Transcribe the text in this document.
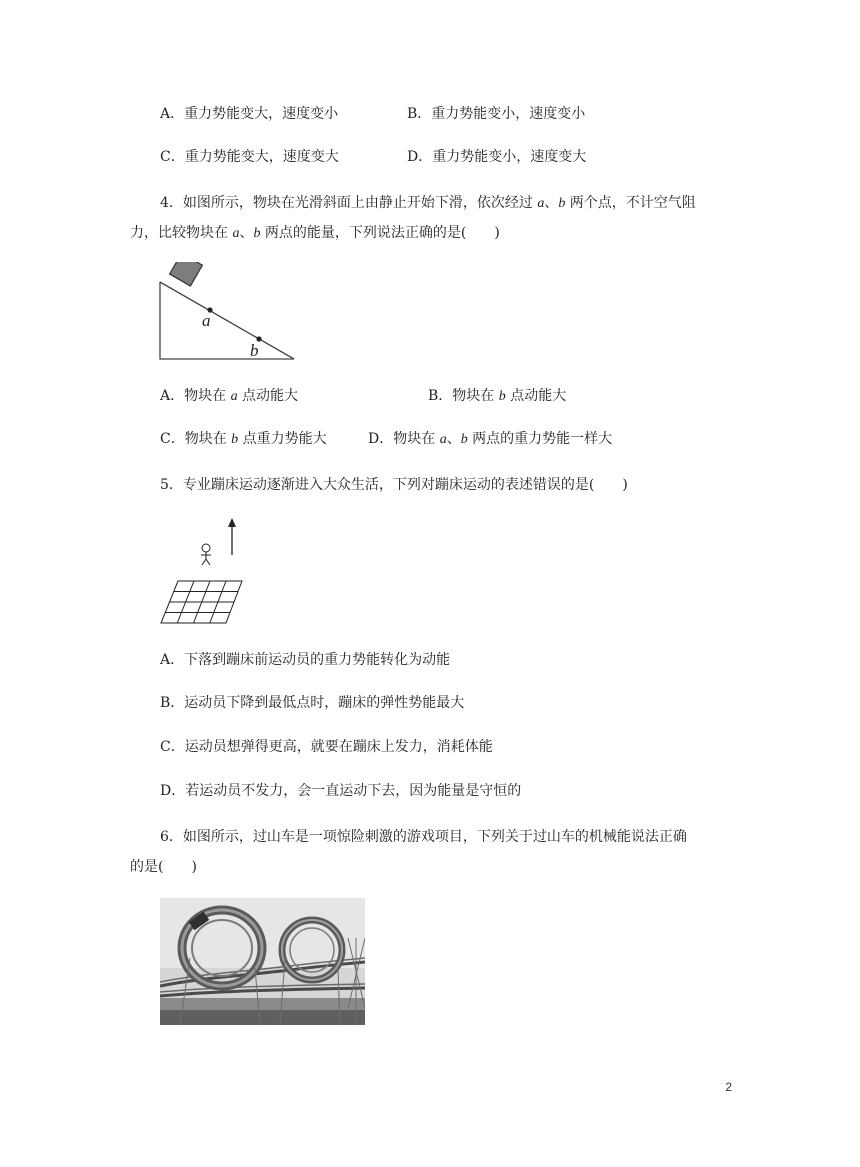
A．重力势能变大，速度变小	B．重力势能变小，速度变小
C．重力势能变大，速度变大	D．重力势能变小，速度变大
4．如图所示，物块在光滑斜面上由静止开始下滑，依次经过 a、b 两个点，不计空气阻
力，比较物块在 a、b 两点的能量，下列说法正确的是(　　)
a
b
A．物块在 a 点动能大	B．物块在 b 点动能大
C．物块在 b 点重力势能大	D．物块在 a、b 两点的重力势能一样大
5．专业蹦床运动逐渐进入大众生活，下列对蹦床运动的表述错误的是(　　)
A．下落到蹦床前运动员的重力势能转化为动能
B．运动员下降到最低点时，蹦床的弹性势能最大
C．运动员想弹得更高，就要在蹦床上发力，消耗体能
D．若运动员不发力，会一直运动下去，因为能量是守恒的
6．如图所示，过山车是一项惊险刺激的游戏项目，下列关于过山车的机械能说法正确
的是(　　)
2
